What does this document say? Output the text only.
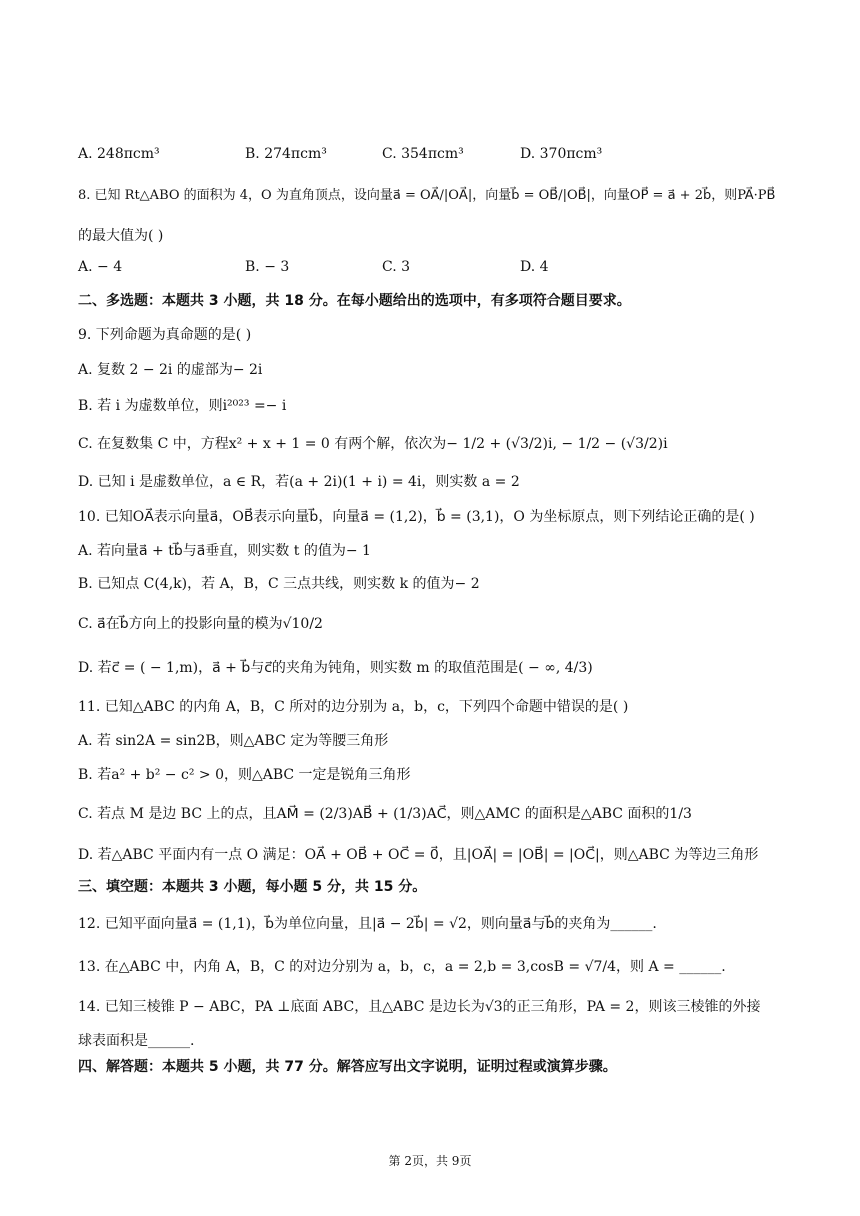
A. 248πcm³	B. 274πcm³	C. 354πcm³	D. 370πcm³
8. 已知 Rt△ABO 的面积为 4，O 为直角顶点，设向量a⃗ = OA⃗/|OA⃗|，向量b⃗ = OB⃗/|OB⃗|，向量OP⃗ = a⃗ + 2b⃗，则PA⃗·PB⃗
的最大值为( )
A. − 4	B. − 3	C. 3	D. 4
二、多选题：本题共 3 小题，共 18 分。在每小题给出的选项中，有多项符合题目要求。
9. 下列命题为真命题的是( )
A. 复数 2 − 2i 的虚部为− 2i
B. 若 i 为虚数单位，则i²⁰²³ =− i
C. 在复数集 C 中，方程x² + x + 1 = 0 有两个解，依次为− 1/2 + (√3/2)i, − 1/2 − (√3/2)i
D. 已知 i 是虚数单位，a ∈ R，若(a + 2i)(1 + i) = 4i，则实数 a = 2
10. 已知OA⃗表示向量a⃗，OB⃗表示向量b⃗，向量a⃗ = (1,2)，b⃗ = (3,1)，O 为坐标原点，则下列结论正确的是( )
A. 若向量a⃗ + tb⃗与a⃗垂直，则实数 t 的值为− 1
B. 已知点 C(4,k)，若 A，B，C 三点共线，则实数 k 的值为− 2
C. a⃗在b⃗方向上的投影向量的模为√10/2
D. 若c⃗ = ( − 1,m)，a⃗ + b⃗与c⃗的夹角为钝角，则实数 m 的取值范围是( − ∞, 4/3)
11. 已知△ABC 的内角 A，B，C 所对的边分别为 a，b，c，下列四个命题中错误的是( )
A. 若 sin2A = sin2B，则△ABC 定为等腰三角形
B. 若a² + b² − c² > 0，则△ABC 一定是锐角三角形
C. 若点 M 是边 BC 上的点，且AM⃗ = (2/3)AB⃗ + (1/3)AC⃗，则△AMC 的面积是△ABC 面积的1/3
D. 若△ABC 平面内有一点 O 满足：OA⃗ + OB⃗ + OC⃗ = 0⃗，且|OA⃗| = |OB⃗| = |OC⃗|，则△ABC 为等边三角形
三、填空题：本题共 3 小题，每小题 5 分，共 15 分。
12. 已知平面向量a⃗ = (1,1)，b⃗为单位向量，且|a⃗ − 2b⃗| = √2，则向量a⃗与b⃗的夹角为______.
13. 在△ABC 中，内角 A，B，C 的对边分别为 a，b，c，a = 2,b = 3,cosB = √7/4，则 A = ______.
14. 已知三棱锥 P − ABC，PA ⊥底面 ABC，且△ABC 是边长为√3的正三角形，PA = 2，则该三棱锥的外接
球表面积是______.
四、解答题：本题共 5 小题，共 77 分。解答应写出文字说明，证明过程或演算步骤。
第 2页，共 9页
